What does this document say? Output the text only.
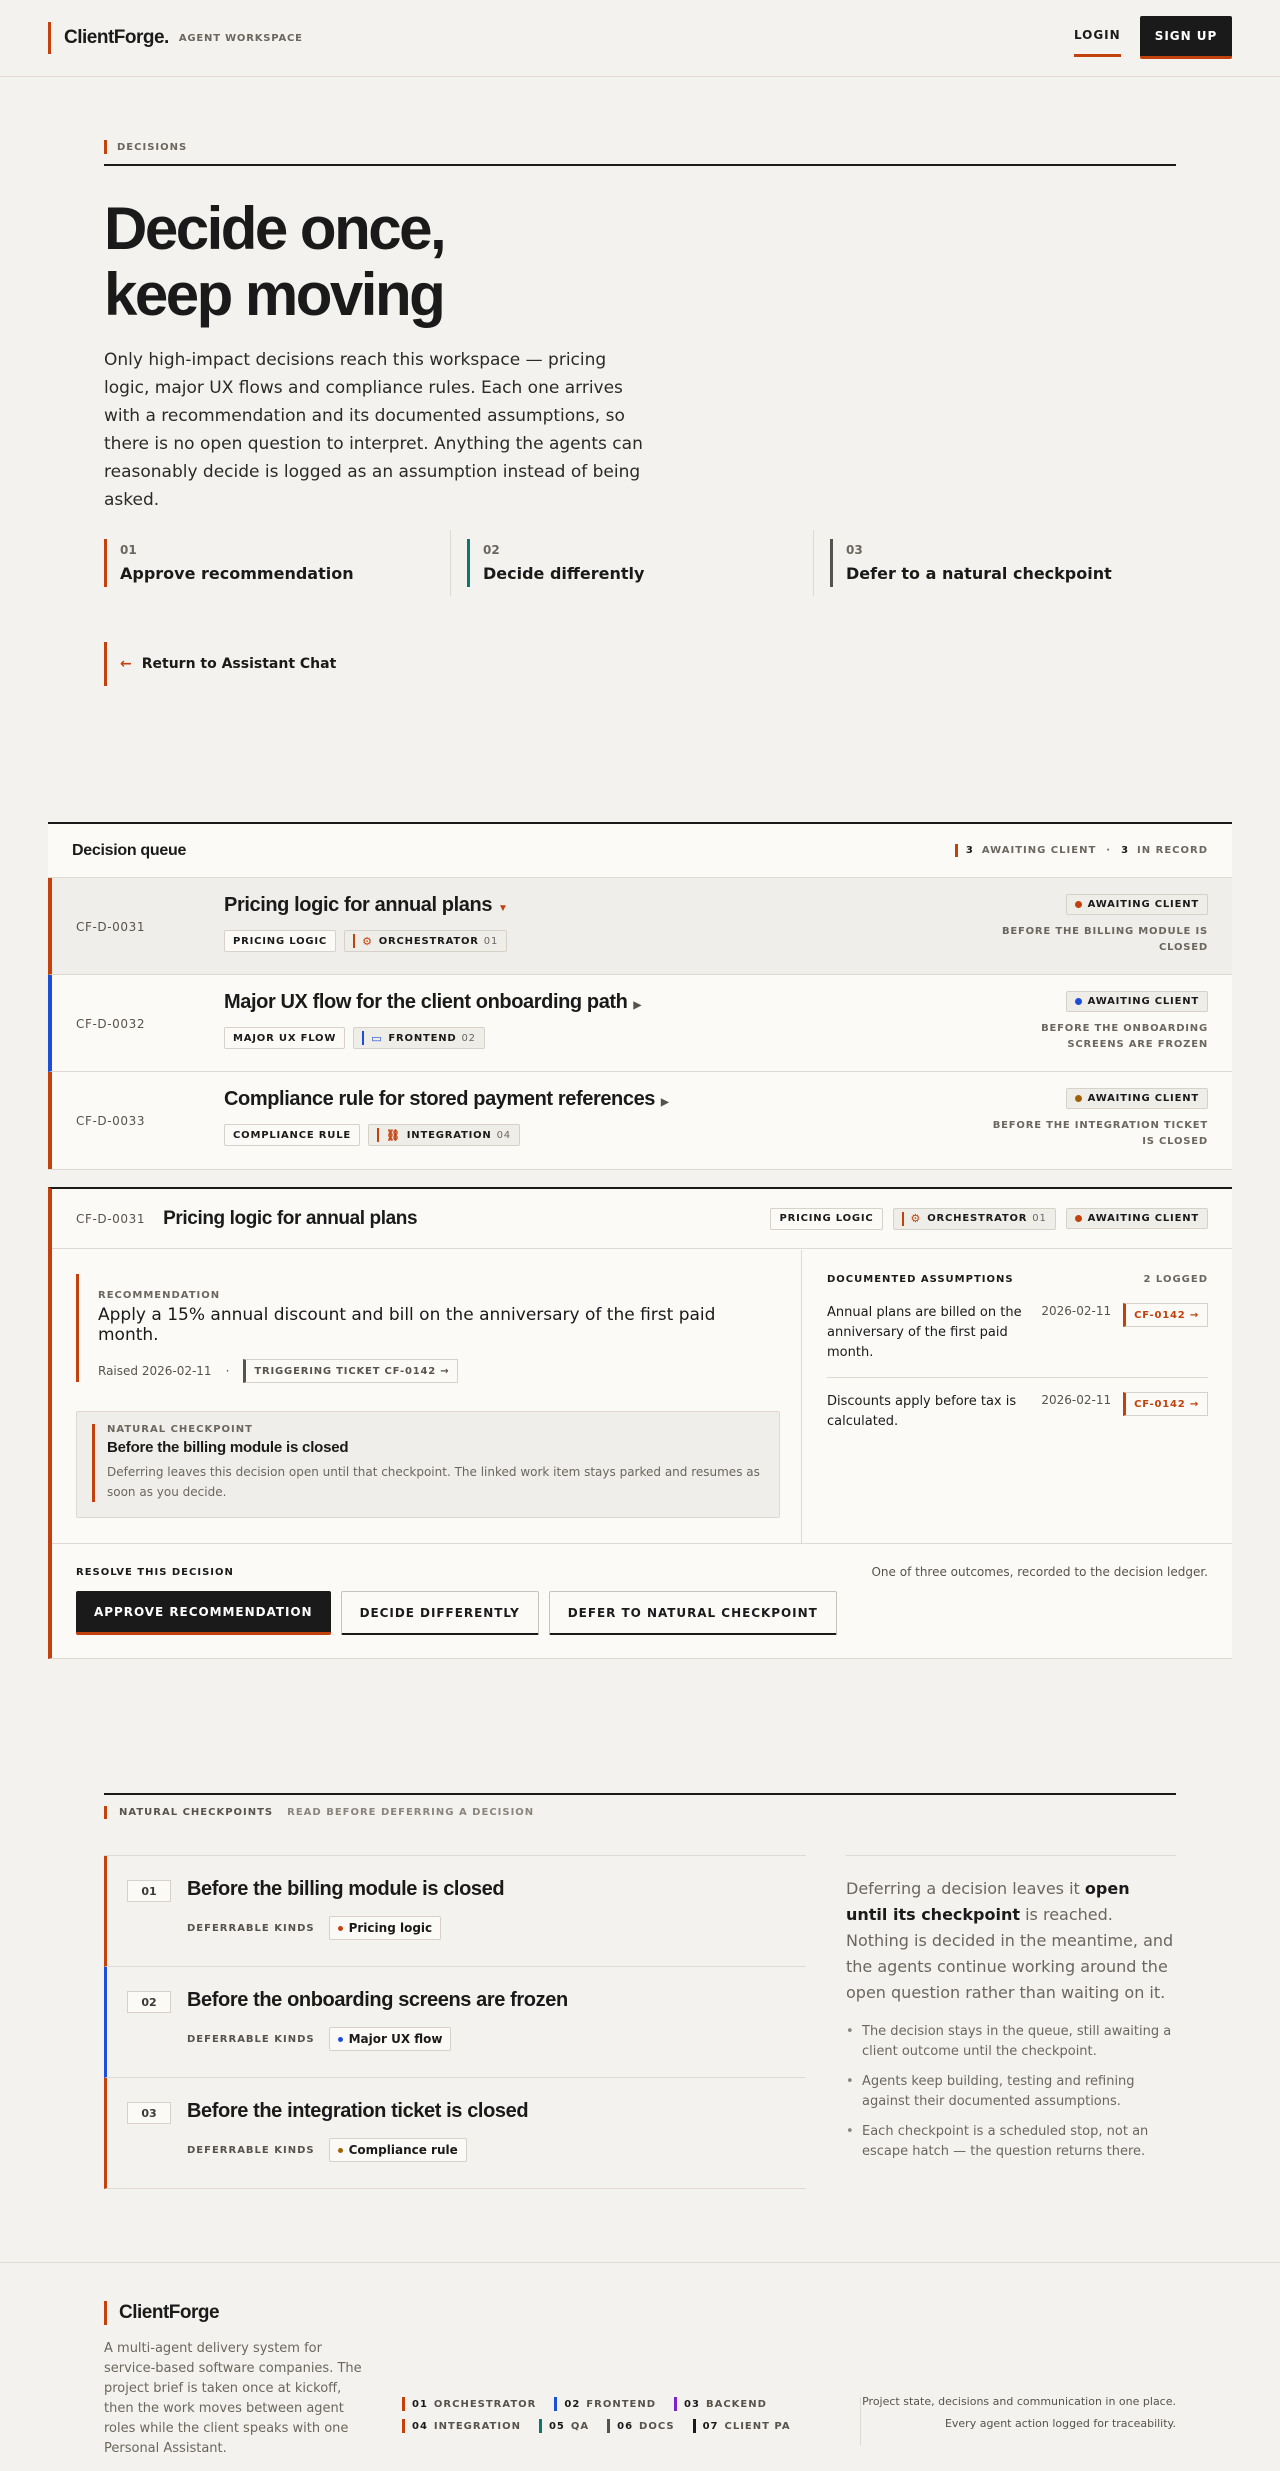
ClientForge. AGENT WORKSPACE	LOGIN	SIGN UP
DECISIONS
Decide once,
keep moving

Only high-impact decisions reach this workspace — pricing logic, major UX flows and compliance rules. Each one arrives with a recommendation and its documented assumptions, so there is no open question to interpret. Anything the agents can reasonably decide is logged as an assumption instead of being asked.

01
Approve recommendation
02
Decide differently
03
Defer to a natural checkpoint
← Return to Assistant Chat
Decision queue	3 AWAITING CLIENT · 3 IN RECORD
CF-D-0031
Pricing logic for annual plans ▼
PRICING LOGIC	⚙ ORCHESTRATOR 01
AWAITING CLIENT
BEFORE THE BILLING MODULE IS CLOSED
CF-D-0032
Major UX flow for the client onboarding path ▶
MAJOR UX FLOW	▭ FRONTEND 02
AWAITING CLIENT
BEFORE THE ONBOARDING SCREENS ARE FROZEN
CF-D-0033
Compliance rule for stored payment references ▶
COMPLIANCE RULE	⛓ INTEGRATION 04
AWAITING CLIENT
BEFORE THE INTEGRATION TICKET IS CLOSED
CF-D-0031 Pricing logic for annual plans	PRICING LOGIC	⚙ ORCHESTRATOR 01	AWAITING CLIENT
RECOMMENDATION
Apply a 15% annual discount and bill on the anniversary of the first paid month.
Raised 2026-02-11 ·	TRIGGERING TICKET CF-0142 →
NATURAL CHECKPOINT
Before the billing module is closed
Deferring leaves this decision open until that checkpoint. The linked work item stays parked and resumes as soon as you decide.
DOCUMENTED ASSUMPTIONS	2 LOGGED
Annual plans are billed on the anniversary of the first paid month.
2026-02-11	CF-0142 →
Discounts apply before tax is calculated.
2026-02-11	CF-0142 →
RESOLVE THIS DECISION	One of three outcomes, recorded to the decision ledger.
APPROVE RECOMMENDATION	DECIDE DIFFERENTLY	DEFER TO NATURAL CHECKPOINT
NATURAL CHECKPOINTS READ BEFORE DEFERRING A DECISION
01	Before the billing module is closed
DEFERRABLE KINDS	Pricing logic
02	Before the onboarding screens are frozen
DEFERRABLE KINDS	Major UX flow
03	Before the integration ticket is closed
DEFERRABLE KINDS	Compliance rule

Deferring a decision leaves it open until its checkpoint is reached. Nothing is decided in the meantime, and the agents continue working around the open question rather than waiting on it.

• The decision stays in the queue, still awaiting a client outcome until the checkpoint.
• Agents keep building, testing and refining against their documented assumptions.
• Each checkpoint is a scheduled stop, not an escape hatch — the question returns there.
ClientForge

A multi-agent delivery system for service-based software companies. The project brief is taken once at kickoff, then the work moves between agent roles while the client speaks with one Personal Assistant.

01 ORCHESTRATOR	02 FRONTEND	03 BACKEND
04 INTEGRATION	05 QA	06 DOCS	07 CLIENT PA
Project state, decisions and communication in one place.
Every agent action logged for traceability.
